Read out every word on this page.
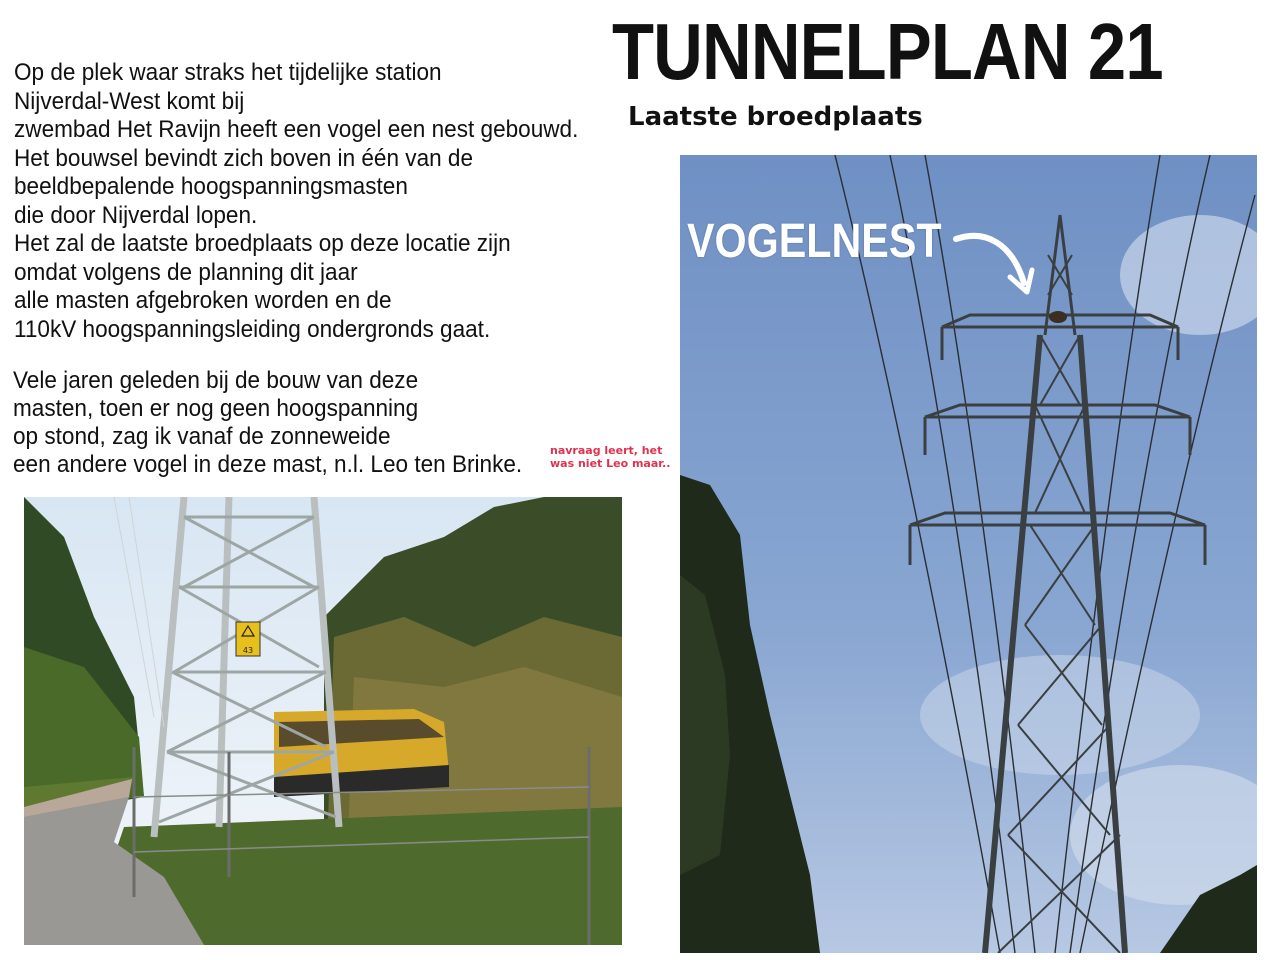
TUNNELPLAN 21
Laatste broedplaats
Op de plek waar straks het tijdelijke station
Nijverdal-West komt bij
zwembad Het Ravijn heeft een vogel een nest gebouwd.
Het bouwsel bevindt zich boven in één van de
beeldbepalende hoogspanningsmasten
die door Nijverdal lopen.
Het zal de laatste broedplaats op deze locatie zijn
omdat volgens de planning dit jaar
alle masten afgebroken worden en de
110kV hoogspanningsleiding ondergronds gaat.
Vele jaren geleden bij de bouw van deze
masten, toen er nog geen hoogspanning
op stond, zag ik vanaf de zonneweide
een andere vogel in deze mast, n.l. Leo ten Brinke.
navraag leert, het
was niet Leo maar..
43
VOGELNEST
